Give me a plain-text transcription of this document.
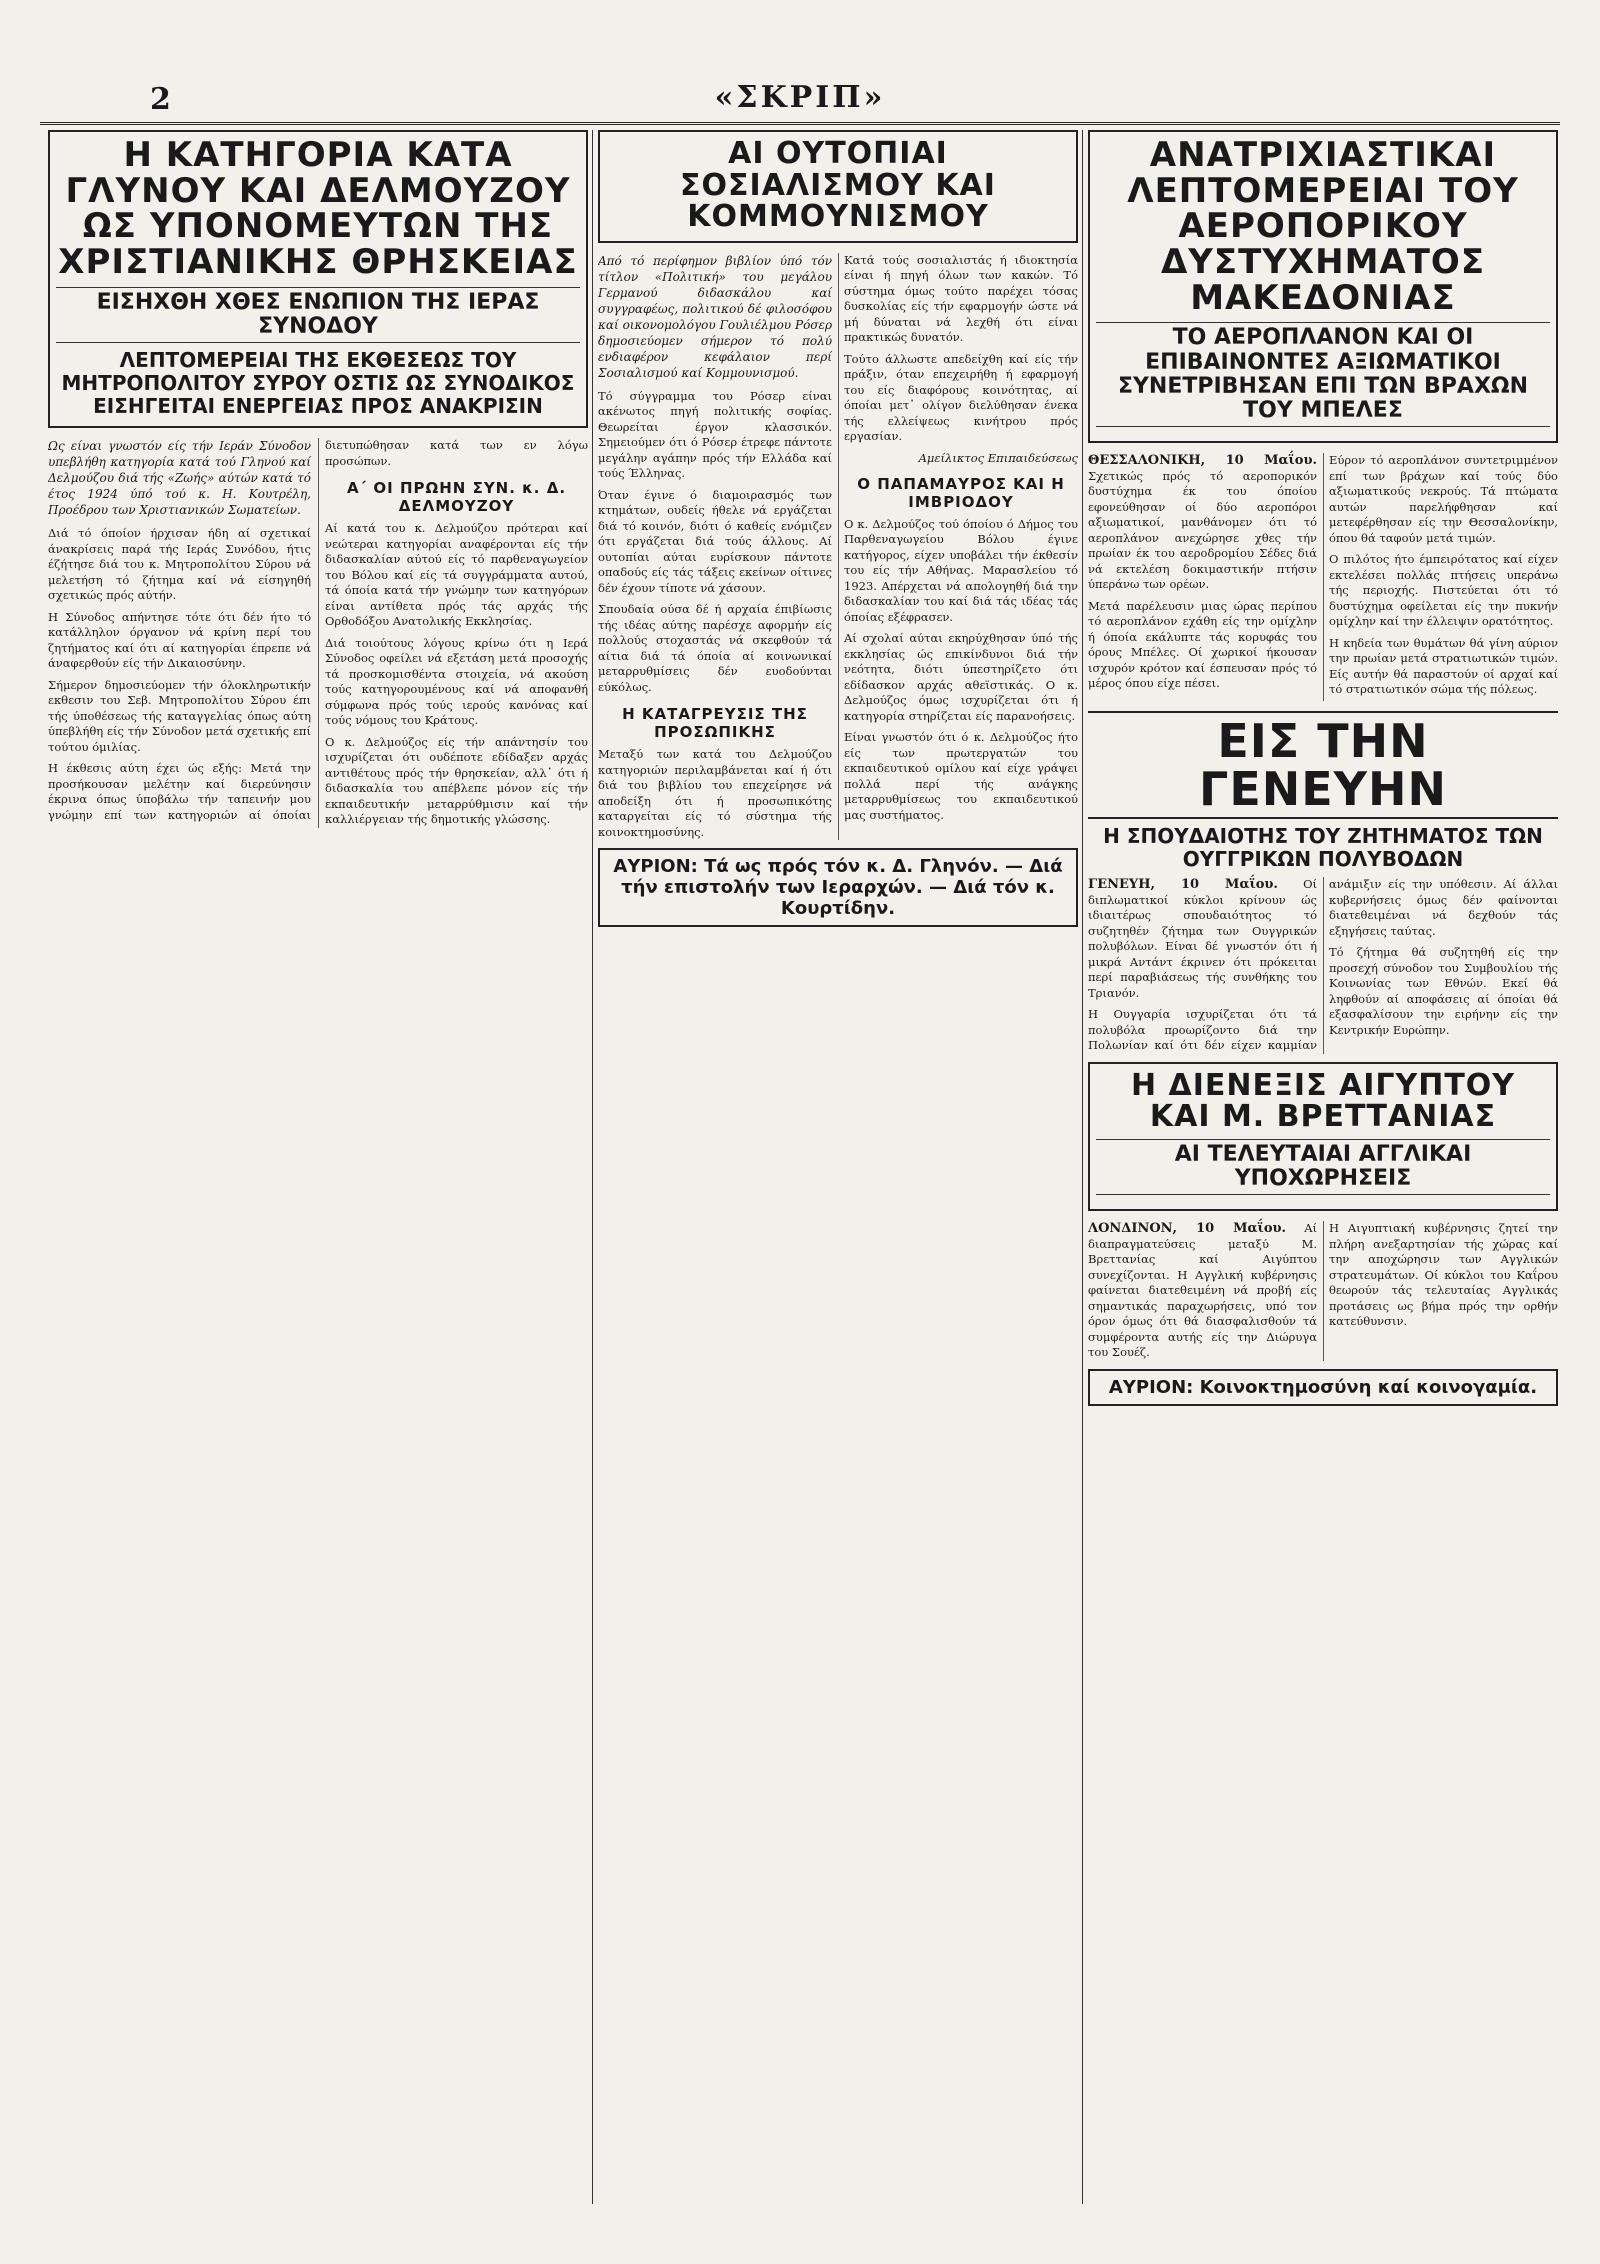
2	«ΣΚΡΙΠ»
Η ΚΑΤΗΓΟΡΙΑ ΚΑΤΑ ΓΛΥΝΟΥ ΚΑΙ ΔΕΛΜΟΥΖΟΥ ΩΣ ΥΠΟΝΟΜΕΥΤΩΝ ΤΗΣ ΧΡΙΣΤΙΑΝΙΚΗΣ ΘΡΗΣΚΕΙΑΣ
ΕΙΣΗΧΘΗ ΧΘΕΣ ΕΝΩΠΙΟΝ ΤΗΣ ΙΕΡΑΣ ΣΥΝΟΔΟΥ
ΛΕΠΤΟΜΕΡΕΙΑΙ ΤΗΣ ΕΚΘΕΣΕΩΣ ΤΟΥ ΜΗΤΡΟΠΟΛΙΤΟΥ ΣΥΡΟΥ ΟΣΤΙΣ ΩΣ ΣΥΝΟΔΙΚΟΣ ΕΙΣΗΓΕΙΤΑΙ ΕΝΕΡΓΕΙΑΣ ΠΡΟΣ ΑΝΑΚΡΙΣΙΝ

Ως είναι γνωστόν είς τήν Ιεράν Σύνοδον υπεβλήθη κατηγορία κατά τού Γληνού καί Δελμούζου διά τής «Ζωής» αύτών κατά τό έτος 1924 ύπό τού κ. Η. Κουτρέλη, Προέδρου των Χριστιανικών Σωματείων.

Διά τό όποίον ήρχισαν ήδη αί σχετικαί άνακρίσεις παρά τής Ιεράς Συνόδου, ήτις έζήτησε διά του κ. Μητροπολίτου Σύρου νά μελετήση τό ζήτημα καί νά είσηγηθή σχετικώς πρός αύτήν.

Η Σύνοδος απήντησε τότε ότι δέν ήτο τό κατάλληλον όργανον νά κρίνη περί του ζητήματος καί ότι αί κατηγορίαι έπρεπε νά άναφερθούν είς τήν Δικαιοσύνην.

Σήμερον δημοσιεύομεν τήν όλοκληρωτικήν εκθεσιν του Σεβ. Μητροπολίτου Σύρου έπι τής ύποθέσεως τής καταγγελίας όπως αύτη ύπεβλήθη είς τήν Σύνοδον μετά σχετικής επί τούτου όμιλίας.

Η έκθεσις αύτη έχει ώς εξής: Μετά την προσήκουσαν μελέτην καί διερεύνησιν έκρινα όπως ύποβάλω τήν ταπεινήν μου γνώμην επί των κατηγοριών αί όποίαι διετυπώθησαν κατά των εν λόγω προσώπων.

Α΄ ΟΙ ΠΡΩΗΝ ΣΥΝ. κ. Δ. ΔΕΛΜΟΥΖΟΥ

Αί κατά του κ. Δελμούζου πρότεραι καί νεώτεραι κατηγορίαι αναφέρονται είς τήν διδασκαλίαν αύτού είς τό παρθεναγωγείον του Βόλου καί είς τά συγγράμματα αυτού, τά όποία κατά τήν γνώμην των κατηγόρων είναι αντίθετα πρός τάς αρχάς τής Ορθοδόξου Ανατολικής Εκκλησίας.

Διά τοιούτους λόγους κρίνω ότι η Ιερά Σύνοδος οφείλει νά εξετάση μετά προσοχής τά προσκομισθέντα στοιχεία, νά ακούση τούς κατηγορουμένους καί νά αποφανθή σύμφωνα πρός τούς ιερούς κανόνας καί τούς νόμους του Κράτους.

Ο κ. Δελμούζος είς τήν απάντησίν του ισχυρίζεται ότι ουδέποτε εδίδαξεν αρχάς αντιθέτους πρός τήν θρησκείαν, αλλ᾽ ότι ή διδασκαλία του απέβλεπε μόνον είς τήν εκπαιδευτικήν μεταρρύθμισιν καί τήν καλλιέργειαν τής δημοτικής γλώσσης.

ΑΙ ΟΥΤΟΠΙΑΙ ΣΟΣΙΑΛΙΣΜΟΥ ΚΑΙ ΚΟΜΜΟΥΝΙΣΜΟΥ

Από τό περίφημον βιβλίον ύπό τόν τίτλον «Πολιτική» του μεγάλου Γερμανού διδασκάλου καί συγγραφέως, πολιτικού δέ φιλοσόφου καί οικονομολόγου Γουλιέλμου Ρόσερ δημοσιεύομεν σήμερον τό πολύ ενδιαφέρον κεφάλαιον περί Σοσιαλισμού καί Κομμουνισμού.

Τό σύγγραμμα του Ρόσερ είναι ακένωτος πηγή πολιτικής σοφίας. Θεωρείται έργον κλασσικόν. Σημειούμεν ότι ό Ρόσερ έτρεφε πάντοτε μεγάλην αγάπην πρός τήν Ελλάδα καί τούς Έλληνας.

Όταν έγινε ό διαμοιρασμός των κτημάτων, ουδείς ήθελε νά εργάζεται διά τό κοινόν, διότι ό καθείς ενόμιζεν ότι εργάζεται διά τούς άλλους. Αί ουτοπίαι αύται ευρίσκουν πάντοτε οπαδούς είς τάς τάξεις εκείνων οίτινες δέν έχουν τίποτε νά χάσουν.

Σπουδαία ούσα δέ ή αρχαία έπιβίωσις τής ιδέας αύτης παρέσχε αφορμήν είς πολλούς στοχαστάς νά σκεφθούν τά αίτια διά τά όποία αί κοινωνικαί μεταρρυθμίσεις δέν ευοδούνται εύκόλως.

Η ΚΑΤΑΓΡΕΥΣΙΣ ΤΗΣ ΠΡΟΣΩΠΙΚΗΣ

Μεταξύ των κατά του Δελμούζου κατηγοριών περιλαμβάνεται καί ή ότι διά του βιβλίου του επεχείρησε νά αποδείξη ότι ή προσωπικότης καταργείται είς τό σύστημα τής κοινοκτημοσύνης.

Κατά τούς σοσιαλιστάς ή ιδιοκτησία είναι ή πηγή όλων των κακών. Τό σύστημα όμως τούτο παρέχει τόσας δυσκολίας είς τήν εφαρμογήν ώστε νά μή δύναται νά λεχθή ότι είναι πρακτικώς δυνατόν.

Τούτο άλλωστε απεδείχθη καί είς τήν πράξιν, όταν επεχειρήθη ή εφαρμογή του είς διαφόρους κοινότητας, αί όποίαι μετ᾽ ολίγον διελύθησαν ένεκα τής ελλείψεως κινήτρου πρός εργασίαν.

Αμείλικτος Επιπαιδεύσεως
Ο ΠΑΠΑΜΑΥΡΟΣ ΚΑΙ Η ΙΜΒΡΙΟΔΟΥ

Ο κ. Δελμούζος τού όποίου ό Δήμος του Παρθεναγωγείου Βόλου έγινε κατήγορος, είχεν υποβάλει τήν έκθεσίν του είς τήν Αθήνας. Μαρασλείου τό 1923. Απέρχεται νά απολογηθή διά την διδασκαλίαν του καί διά τάς ιδέας τάς όποίας εξέφρασεν.

Αί σχολαί αύται εκηρύχθησαν ύπό τής εκκλησίας ώς επικίνδυνοι διά τήν νεότητα, διότι ύπεστηρίζετο ότι εδίδασκον αρχάς αθεϊστικάς. Ο κ. Δελμούζος όμως ισχυρίζεται ότι ή κατηγορία στηρίζεται είς παρανοήσεις.

Είναι γνωστόν ότι ό κ. Δελμούζος ήτο είς των πρωτεργατών του εκπαιδευτικού ομίλου καί είχε γράψει πολλά περί τής ανάγκης μεταρρυθμίσεως του εκπαιδευτικού μας συστήματος.

ΑΥΡΙΟΝ: Τά ως πρός τόν κ. Δ. Γληνόν. — Διά τήν επιστολήν των Ιεραρχών. — Διά τόν κ. Κουρτίδην.
ΑΝΑΤΡΙΧΙΑΣΤΙΚΑΙ ΛΕΠΤΟΜΕΡΕΙΑΙ ΤΟΥ ΑΕΡΟΠΟΡΙΚΟΥ ΔΥΣΤΥΧΗΜΑΤΟΣ ΜΑΚΕΔΟΝΙΑΣ
ΤΟ ΑΕΡΟΠΛΑΝΟΝ ΚΑΙ ΟΙ ΕΠΙΒΑΙΝΟΝΤΕΣ ΑΞΙΩΜΑΤΙΚΟΙ ΣΥΝΕΤΡΙΒΗΣΑΝ ΕΠΙ ΤΩΝ ΒΡΑΧΩΝ ΤΟΥ ΜΠΕΛΕΣ

ΘΕΣΣΑΛΟΝΙΚΗ, 10 Μαΐου. Σχετικώς πρός τό αεροπορικόν δυστύχημα έκ του όποίου εφονεύθησαν οί δύο αεροπόροι αξιωματικοί, μανθάνομεν ότι τό αεροπλάνον ανεχώρησε χθες τήν πρωίαν έκ του αεροδρομίου Σέδες διά νά εκτελέση δοκιμαστικήν πτήσιν ύπεράνω των ορέων.

Μετά παρέλευσιν μιας ώρας περίπου τό αεροπλάνον εχάθη είς την ομίχλην ή όποία εκάλυπτε τάς κορυφάς του όρους Μπέλες. Οί χωρικοί ήκουσαν ισχυρόν κρότον καί έσπευσαν πρός τό μέρος όπου είχε πέσει.

Εύρον τό αεροπλάνον συντετριμμένον επί των βράχων καί τούς δύο αξιωματικούς νεκρούς. Τά πτώματα αυτών παρελήφθησαν καί μετεφέρθησαν είς την Θεσσαλονίκην, όπου θά ταφούν μετά τιμών.

Ο πιλότος ήτο έμπειρότατος καί είχεν εκτελέσει πολλάς πτήσεις υπεράνω τής περιοχής. Πιστεύεται ότι τό δυστύχημα οφείλεται είς την πυκνήν ομίχλην καί την έλλειψιν ορατότητος.

Η κηδεία των θυμάτων θά γίνη αύριον την πρωίαν μετά στρατιωτικών τιμών. Είς αυτήν θά παραστούν οί αρχαί καί τό στρατιωτικόν σώμα τής πόλεως.

ΕΙΣ ΤΗΝ ΓΕΝΕΥΗΝ
Η ΣΠΟΥΔΑΙΟΤΗΣ ΤΟΥ ΖΗΤΗΜΑΤΟΣ ΤΩΝ ΟΥΓΓΡΙΚΩΝ ΠΟΛΥΒΟΔΩΝ

ΓΕΝΕΥΗ, 10 Μαΐου. Οί διπλωματικοί κύκλοι κρίνουν ώς ιδιαιτέρως σπουδαιότητος τό συζητηθέν ζήτημα των Ουγγρικών πολυβόλων. Είναι δέ γνωστόν ότι ή μικρά Αντάντ έκρινεν ότι πρόκειται περί παραβιάσεως τής συνθήκης του Τριανόν.

Η Ουγγαρία ισχυρίζεται ότι τά πολυβόλα προωρίζοντο διά την Πολωνίαν καί ότι δέν είχεν καμμίαν ανάμιξιν είς την υπόθεσιν. Αί άλλαι κυβερνήσεις όμως δέν φαίνονται διατεθειμέναι νά δεχθούν τάς εξηγήσεις ταύτας.

Τό ζήτημα θά συζητηθή είς την προσεχή σύνοδον του Συμβουλίου τής Κοινωνίας των Εθνών. Εκεί θά ληφθούν αί αποφάσεις αί όποίαι θά εξασφαλίσουν την ειρήνην είς την Κεντρικήν Ευρώπην.

Η ΔΙΕΝΕΞΙΣ ΑΙΓΥΠΤΟΥ ΚΑΙ Μ. ΒΡΕΤΤΑΝΙΑΣ
ΑΙ ΤΕΛΕΥΤΑΙΑΙ ΑΓΓΛΙΚΑΙ ΥΠΟΧΩΡΗΣΕΙΣ

ΛΟΝΔΙΝΟΝ, 10 Μαΐου. Αί διαπραγματεύσεις μεταξύ Μ. Βρεττανίας καί Αιγύπτου συνεχίζονται. Η Αγγλική κυβέρνησις φαίνεται διατεθειμένη νά προβή είς σημαντικάς παραχωρήσεις, υπό τον όρον όμως ότι θά διασφαλισθούν τά συμφέροντα αυτής είς την Διώρυγα του Σουέζ.

Η Αιγυπτιακή κυβέρνησις ζητεί την πλήρη ανεξαρτησίαν τής χώρας καί την αποχώρησιν των Αγγλικών στρατευμάτων. Οί κύκλοι του Καΐρου θεωρούν τάς τελευταίας Αγγλικάς προτάσεις ως βήμα πρός την ορθήν κατεύθυνσιν.

ΑΥΡΙΟΝ: Κοινοκτημοσύνη καί κοινογαμία.
